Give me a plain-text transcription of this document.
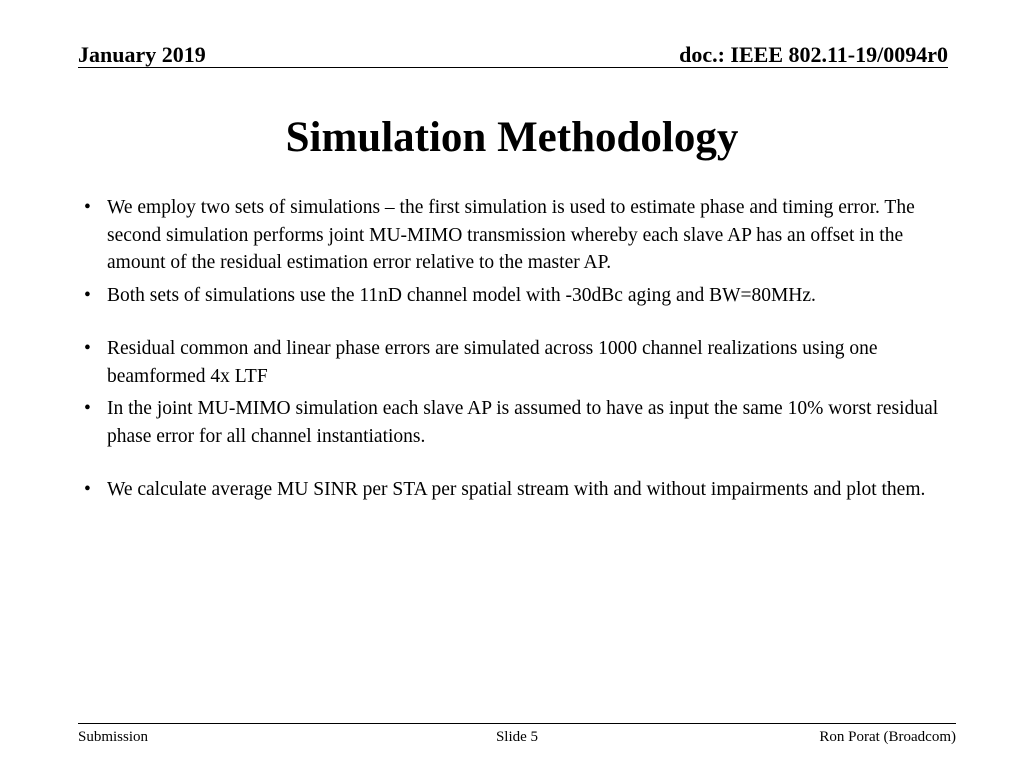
January 2019	doc.: IEEE 802.11-19/0094r0
Simulation Methodology
• We employ two sets of simulations – the first simulation is used to estimate phase and timing error. The second simulation performs joint MU-MIMO transmission whereby each slave AP has an offset in the amount of the residual estimation error relative to the master AP.
• Both sets of simulations use the 11nD channel model with -30dBc aging and BW=80MHz.
• Residual common and linear phase errors are simulated across 1000 channel realizations using one beamformed 4x LTF
• In the joint MU-MIMO simulation each slave AP is assumed to have as input the same 10% worst residual phase error for all channel instantiations.
• We calculate average MU SINR per STA per spatial stream with and without impairments and plot them.
Submission	Slide 5	Ron Porat (Broadcom)
